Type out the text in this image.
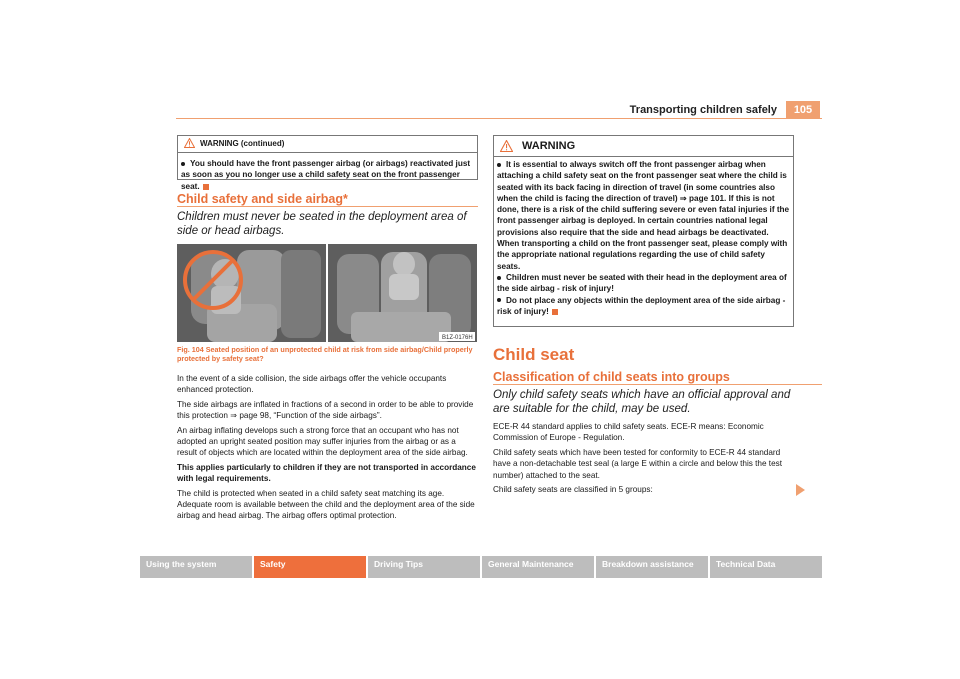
Transporting children safely	105
WARNING (continued)
You should have the front passenger airbag (or airbags) reactivated just as soon as you no longer use a child safety seat on the front passenger seat.
Child safety and side airbag*
Children must never be seated in the deployment area of side or head airbags.
B1Z-0176H
Fig. 104 Seated position of an unprotected child at risk from side airbag/Child properly protected by safety seat?

In the event of a side collision, the side airbags offer the vehicle occupants enhanced protection.

The side airbags are inflated in fractions of a second in order to be able to provide this protection ⇒ page 98, “Function of the side airbags”.

An airbag inflating develops such a strong force that an occupant who has not adopted an upright seated position may suffer injuries from the airbag or as a result of objects which are located within the deployment area of the side airbag.

This applies particularly to children if they are not transported in accordance with legal requirements.

The child is protected when seated in a child safety seat matching its age. Adequate room is available between the child and the deployment area of the side airbag and head airbag. The airbag offers optimal protection.

WARNING

It is essential to always switch off the front passenger airbag when attaching a child safety seat on the front passenger seat where the child is seated with its back facing in direction of travel (in some countries also when the child is facing the direction of travel) ⇒ page 101. If this is not done, there is a risk of the child suffering severe or even fatal injuries if the front passenger airbag is deployed. In certain countries national legal provisions also require that the side and head airbags be deactivated. When transporting a child on the front passenger seat, please comply with the appropriate national regulations regarding the use of child safety seats.

Children must never be seated with their head in the deployment area of the side airbag - risk of injury!

Do not place any objects within the deployment area of the side airbag - risk of injury!

Child seat
Classification of child seats into groups
Only child safety seats which have an official approval and are suitable for the child, may be used.

ECE-R 44 standard applies to child safety seats. ECE-R means: Economic Commission of Europe - Regulation.

Child safety seats which have been tested for conformity to ECE-R 44 standard have a non-detachable test seal (a large E within a circle and below this the test number) attached to the seat.

Child safety seats are classified in 5 groups:

Using the system	Safety	Driving Tips	General Maintenance	Breakdown assistance	Technical Data
